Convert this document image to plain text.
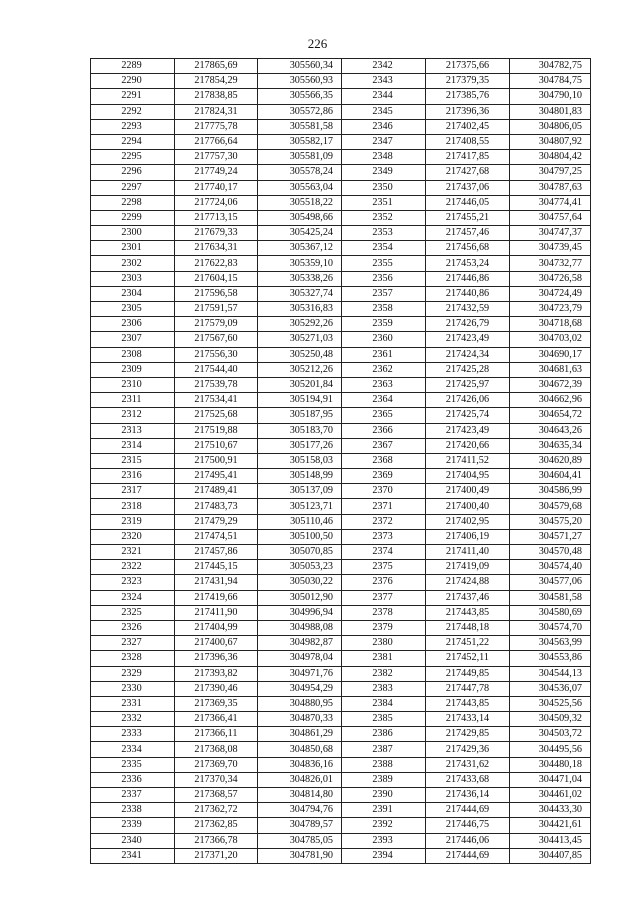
226
2289	217865,69	305560,34	2342	217375,66	304782,75
2290	217854,29	305560,93	2343	217379,35	304784,75
2291	217838,85	305566,35	2344	217385,76	304790,10
2292	217824,31	305572,86	2345	217396,36	304801,83
2293	217775,78	305581,58	2346	217402,45	304806,05
2294	217766,64	305582,17	2347	217408,55	304807,92
2295	217757,30	305581,09	2348	217417,85	304804,42
2296	217749,24	305578,24	2349	217427,68	304797,25
2297	217740,17	305563,04	2350	217437,06	304787,63
2298	217724,06	305518,22	2351	217446,05	304774,41
2299	217713,15	305498,66	2352	217455,21	304757,64
2300	217679,33	305425,24	2353	217457,46	304747,37
2301	217634,31	305367,12	2354	217456,68	304739,45
2302	217622,83	305359,10	2355	217453,24	304732,77
2303	217604,15	305338,26	2356	217446,86	304726,58
2304	217596,58	305327,74	2357	217440,86	304724,49
2305	217591,57	305316,83	2358	217432,59	304723,79
2306	217579,09	305292,26	2359	217426,79	304718,68
2307	217567,60	305271,03	2360	217423,49	304703,02
2308	217556,30	305250,48	2361	217424,34	304690,17
2309	217544,40	305212,26	2362	217425,28	304681,63
2310	217539,78	305201,84	2363	217425,97	304672,39
2311	217534,41	305194,91	2364	217426,06	304662,96
2312	217525,68	305187,95	2365	217425,74	304654,72
2313	217519,88	305183,70	2366	217423,49	304643,26
2314	217510,67	305177,26	2367	217420,66	304635,34
2315	217500,91	305158,03	2368	217411,52	304620,89
2316	217495,41	305148,99	2369	217404,95	304604,41
2317	217489,41	305137,09	2370	217400,49	304586,99
2318	217483,73	305123,71	2371	217400,40	304579,68
2319	217479,29	305110,46	2372	217402,95	304575,20
2320	217474,51	305100,50	2373	217406,19	304571,27
2321	217457,86	305070,85	2374	217411,40	304570,48
2322	217445,15	305053,23	2375	217419,09	304574,40
2323	217431,94	305030,22	2376	217424,88	304577,06
2324	217419,66	305012,90	2377	217437,46	304581,58
2325	217411,90	304996,94	2378	217443,85	304580,69
2326	217404,99	304988,08	2379	217448,18	304574,70
2327	217400,67	304982,87	2380	217451,22	304563,99
2328	217396,36	304978,04	2381	217452,11	304553,86
2329	217393,82	304971,76	2382	217449,85	304544,13
2330	217390,46	304954,29	2383	217447,78	304536,07
2331	217369,35	304880,95	2384	217443,85	304525,56
2332	217366,41	304870,33	2385	217433,14	304509,32
2333	217366,11	304861,29	2386	217429,85	304503,72
2334	217368,08	304850,68	2387	217429,36	304495,56
2335	217369,70	304836,16	2388	217431,62	304480,18
2336	217370,34	304826,01	2389	217433,68	304471,04
2337	217368,57	304814,80	2390	217436,14	304461,02
2338	217362,72	304794,76	2391	217444,69	304433,30
2339	217362,85	304789,57	2392	217446,75	304421,61
2340	217366,78	304785,05	2393	217446,06	304413,45
2341	217371,20	304781,90	2394	217444,69	304407,85
